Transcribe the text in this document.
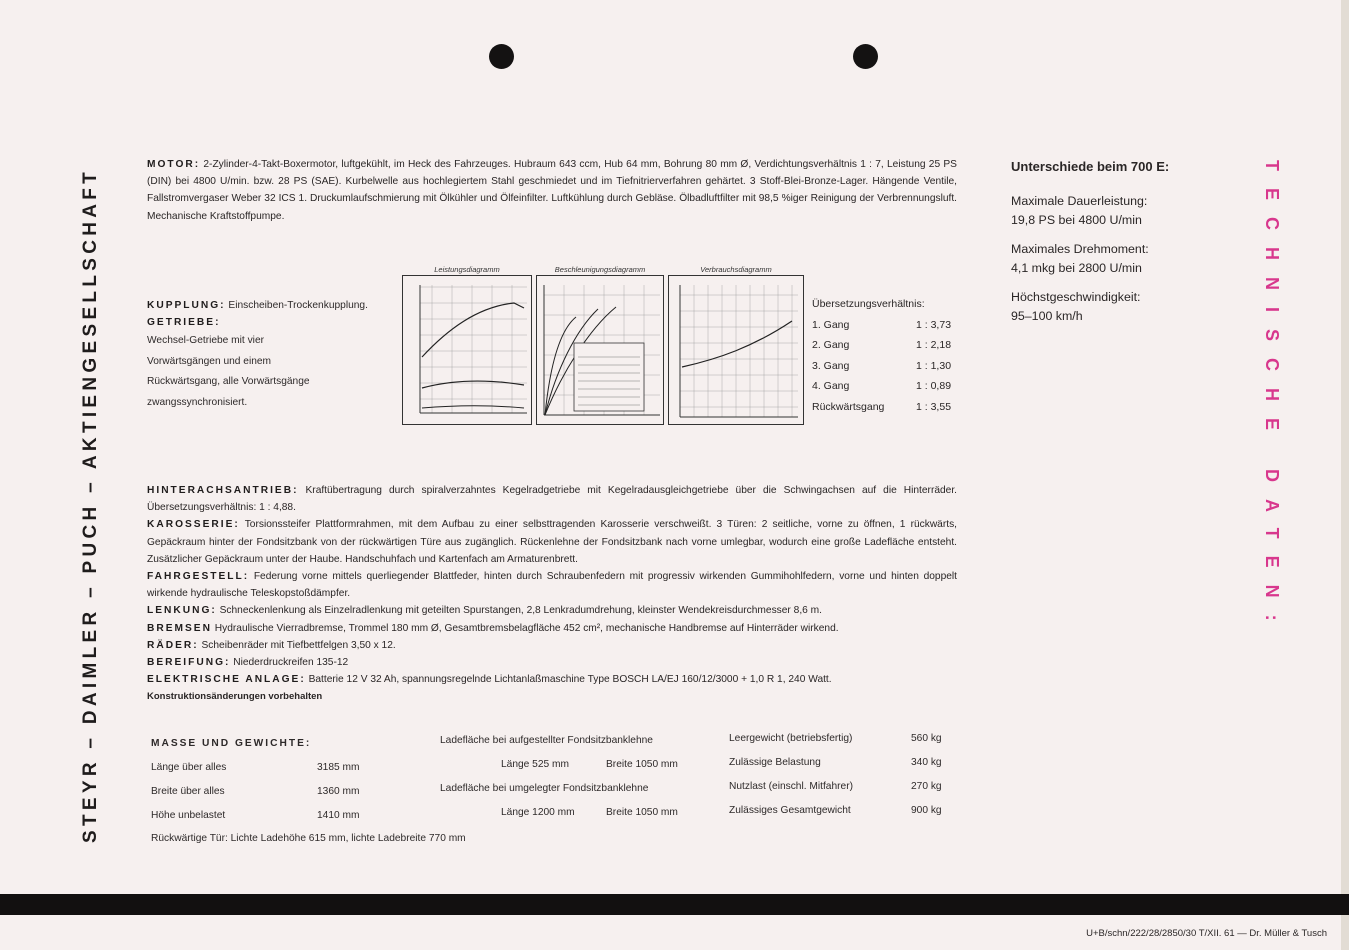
STEYR – DAIMLER – PUCH – AKTIENGESELLSCHAFT	TECHNISCHE DATEN:

MOTOR: 2-Zylinder-4-Takt-Boxermotor, luftgekühlt, im Heck des Fahrzeuges. Hubraum 643 ccm, Hub 64 mm, Bohrung 80 mm Ø, Verdichtungsverhältnis 1 : 7, Leistung 25 PS (DIN) bei 4800 U/min. bzw. 28 PS (SAE). Kurbelwelle aus hochlegiertem Stahl geschmiedet und im Tiefnitrierverfahren gehärtet. 3 Stoff-Blei-Bronze-Lager. Hängende Ventile, Fallstromvergaser Weber 32 ICS 1. Druckumlaufschmierung mit Ölkühler und Ölfeinfilter. Luftkühlung durch Gebläse. Ölbadluftfilter mit 98,5 %iger Reinigung der Verbrennungsluft. Mechanische Kraftstoffpumpe.

KUPPLUNG: Einscheiben-Trockenkupplung.
GETRIEBE:
Wechsel-Getriebe mit vier
Vorwärtsgängen und einem
Rückwärtsgang, alle Vorwärtsgänge
zwangssynchronisiert.
Leistungsdiagramm	Beschleunigungsdiagramm	Verbrauchsdiagramm
Übersetzungsverhältnis:
1. Gang	1 : 3,73
2. Gang	1 : 2,18
3. Gang	1 : 1,30
4. Gang	1 : 0,89
Rückwärtsgang	1 : 3,55
Unterschiede beim 700 E:
Maximale Dauerleistung:
19,8 PS bei 4800 U/min
Maximales Drehmoment:
4,1 mkg bei 2800 U/min
Höchstgeschwindigkeit:
95–100 km/h

HINTERACHSANTRIEB: Kraftübertragung durch spiralverzahntes Kegelradgetriebe mit Kegelradausgleichgetriebe über die Schwingachsen auf die Hinterräder. Übersetzungsverhältnis: 1 : 4,88.

KAROSSERIE: Torsionssteifer Plattformrahmen, mit dem Aufbau zu einer selbsttragenden Karosserie verschweißt. 3 Türen: 2 seitliche, vorne zu öffnen, 1 rückwärts, Gepäckraum hinter der Fondsitzbank von der rückwärtigen Türe aus zugänglich. Rückenlehne der Fondsitzbank nach vorne umlegbar, wodurch eine große Ladefläche entsteht. Zusätzlicher Gepäckraum unter der Haube. Handschuhfach und Kartenfach am Armaturenbrett.

FAHRGESTELL: Federung vorne mittels querliegender Blattfeder, hinten durch Schraubenfedern mit progressiv wirkenden Gummihohlfedern, vorne und hinten doppelt wirkende hydraulische Teleskopstoßdämpfer.

LENKUNG: Schneckenlenkung als Einzelradlenkung mit geteilten Spurstangen, 2,8 Lenkradumdrehung, kleinster Wendekreisdurchmesser 8,6 m.

BREMSEN Hydraulische Vierradbremse, Trommel 180 mm Ø, Gesamtbremsbelagfläche 452 cm², mechanische Handbremse auf Hinterräder wirkend.

RÄDER: Scheibenräder mit Tiefbettfelgen 3,50 x 12.

BEREIFUNG: Niederdruckreifen 135-12

ELEKTRISCHE ANLAGE: Batterie 12 V 32 Ah, spannungsregelnde Lichtanlaßmaschine Type BOSCH LA/EJ 160/12/3000 + 1,0 R 1, 240 Watt.

Konstruktionsänderungen vorbehalten

MASSE UND GEWICHTE:
Länge über alles	3185 mm
Breite über alles	1360 mm
Höhe unbelastet	1410 mm
Rückwärtige Tür: Lichte Ladehöhe 615 mm, lichte Ladebreite 770 mm
Ladefläche bei aufgestellter Fondsitzbanklehne
Länge 525 mm	Breite 1050 mm
Ladefläche bei umgelegter Fondsitzbanklehne
Länge 1200 mm	Breite 1050 mm
Leergewicht (betriebsfertig)	560 kg
Zulässige Belastung	340 kg
Nutzlast (einschl. Mitfahrer)	270 kg
Zulässiges Gesamtgewicht	900 kg
U+B/schn/222/28/2850/30 T/XII. 61 — Dr. Müller & Tusch
